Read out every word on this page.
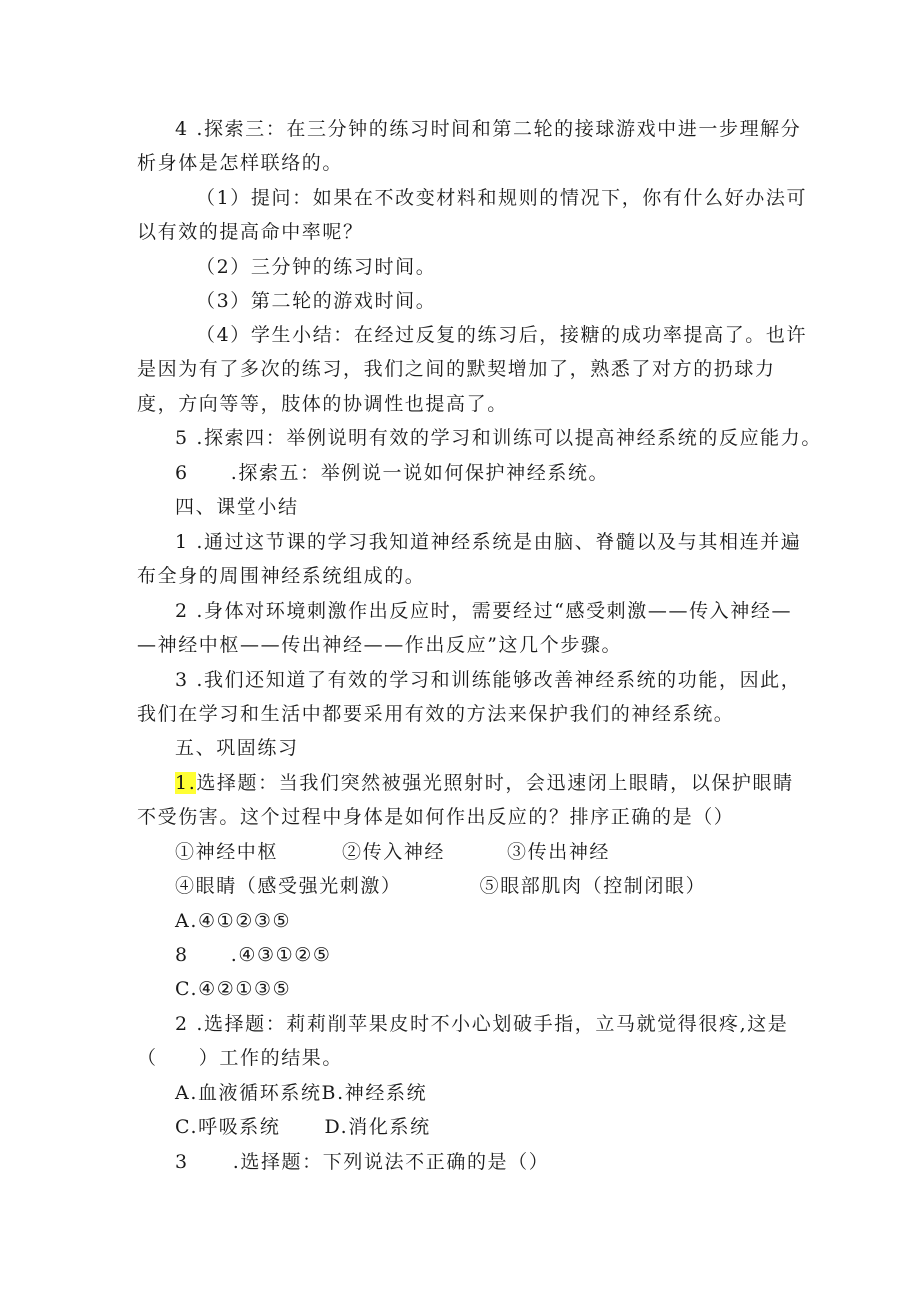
4 .探索三：在三分钟的练习时间和第二轮的接球游戏中进一步理解分
析身体是怎样联络的。
（1）提问：如果在不改变材料和规则的情况下，你有什么好办法可
以有效的提高命中率呢？
（2）三分钟的练习时间。
（3）第二轮的游戏时间。
（4）学生小结：在经过反复的练习后，接糖的成功率提高了。也许
是因为有了多次的练习，我们之间的默契增加了，熟悉了对方的扔球力
度，方向等等，肢体的协调性也提高了。
5 .探索四：举例说明有效的学习和训练可以提高神经系统的反应能力。
6 .探索五：举例说一说如何保护神经系统。
四、课堂小结
1 .通过这节课的学习我知道神经系统是由脑、脊髓以及与其相连并遍
布全身的周围神经系统组成的。
2 .身体对环境刺激作出反应时，需要经过“感受刺激——传入神经—
—神经中枢——传出神经——作出反应”这几个步骤。
3 .我们还知道了有效的学习和训练能够改善神经系统的功能，因此，
我们在学习和生活中都要采用有效的方法来保护我们的神经系统。
五、巩固练习
1.选择题：当我们突然被强光照射时，会迅速闭上眼睛，以保护眼睛
不受伤害。这个过程中身体是如何作出反应的？排序正确的是（）
①神经中枢	②传入神经	③传出神经
④眼睛（感受强光刺激）	⑤眼部肌肉（控制闭眼）
A.④①②③⑤
8 .④③①②⑤
C.④②①③⑤
2 .选择题：莉莉削苹果皮时不小心划破手指，立马就觉得很疼,这是
（　　）工作的结果。
A.血液循环系统B.神经系统
C.呼吸系统 D.消化系统
3 .选择题：下列说法不正确的是（）
